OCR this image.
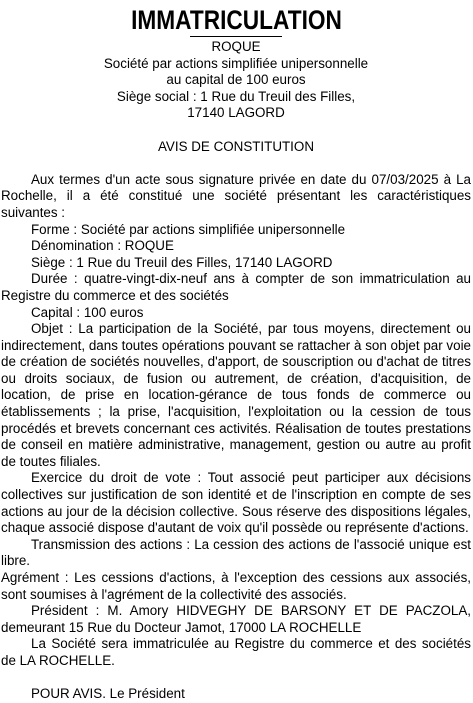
IMMATRICULATION

ROQUE

Société par actions simplifiée unipersonnelle

au capital de 100 euros

Siège social : 1 Rue du Treuil des Filles,

17140 LAGORD

AVIS DE CONSTITUTION

Aux termes d'un acte sous signature privée en date du 07/03/2025 à La Rochelle, il a été constitué une société présentant les caractéristiques suivantes :

Forme : Société par actions simplifiée unipersonnelle

Dénomination : ROQUE

Siège : 1 Rue du Treuil des Filles, 17140 LAGORD

Durée : quatre-vingt-dix-neuf ans à compter de son immatriculation au Registre du commerce et des sociétés

Capital : 100 euros

Objet : La participation de la Société, par tous moyens, directement ou indirectement, dans toutes opérations pouvant se rattacher à son objet par voie de création de sociétés nouvelles, d'apport, de souscription ou d'achat de titres ou droits sociaux, de fusion ou autrement, de création, d'acquisition, de location, de prise en location-gérance de tous fonds de commerce ou établissements ; la prise, l'acquisition, l'exploitation ou la cession de tous procédés et brevets concernant ces activités. Réalisation de toutes prestations de conseil en matière administrative, management, gestion ou autre au profit de toutes filiales.

Exercice du droit de vote : Tout associé peut participer aux décisions collectives sur justification de son identité et de l'inscription en compte de ses actions au jour de la décision collective. Sous réserve des dispositions légales, chaque associé dispose d'autant de voix qu'il possède ou représente d'actions.

Transmission des actions : La cession des actions de l'associé unique est libre.

Agrément : Les cessions d'actions, à l'exception des cessions aux associés, sont soumises à l'agrément de la collectivité des associés.

Président : M. Amory HIDVEGHY DE BARSONY ET DE PACZOLA, demeurant 15 Rue du Docteur Jamot, 17000 LA ROCHELLE

La Société sera immatriculée au Registre du commerce et des sociétés de LA ROCHELLE.

POUR AVIS. Le Président
